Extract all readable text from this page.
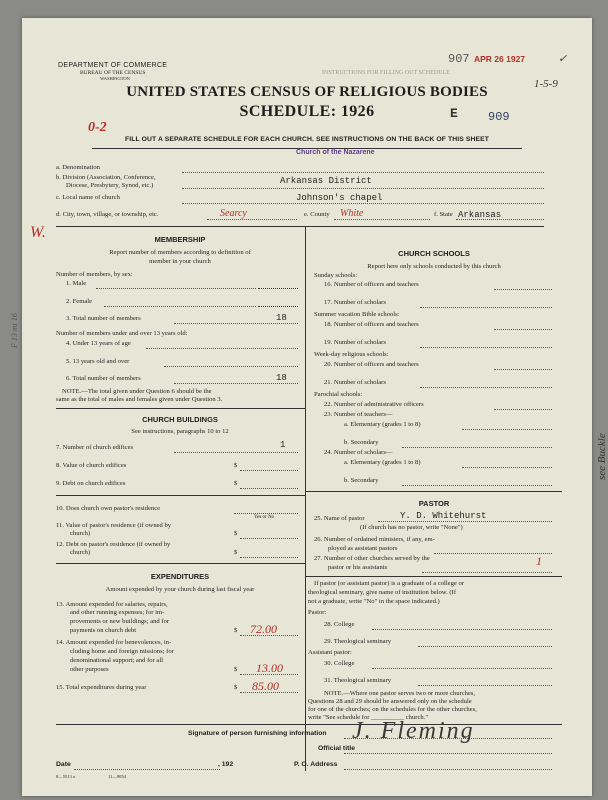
DEPARTMENT OF COMMERCE
BUREAU OF THE CENSUS
WASHINGTON
INSTRUCTIONS FOR FILLING OUT SCHEDULE
907 APR 26 1927	✓
1-5-9
UNITED STATES CENSUS OF RELIGIOUS BODIES
SCHEDULE: 1926
0-2
E	909
FILL OUT A SEPARATE SCHEDULE FOR EACH CHURCH. SEE INSTRUCTIONS ON THE BACK OF THIS SHEET
Church of the Nazarene
a. Denomination
b. Division (Association, Conference,
Diocese, Presbytery, Synod, etc.)	Arkansas District
c. Local name of church	Johnson's chapel
W.
d. City, town, village, or township, etc.	Searcy	e. County White	f. State Arkansas
F 13 mt 16
MEMBERSHIP
Report number of members according to definition of
member in your church
Number of members, by sex:
1. Male
2. Female
3. Total number of members	18
Number of members under and over 13 years old:
4. Under 13 years of age
5. 13 years old and over
6. Total number of members	18
NOTE.—The total given under Question 6 should be the
same as the total of males and females given under Question 3.
CHURCH BUILDINGS
See instructions, paragraphs 10 to 12
7. Number of church edifices	1
8. Value of church edifices	$
9. Debt on church edifices	$
10. Does church own pastor's residence
Yes or No
11. Value of pastor's residence (if owned by
church)	$
12. Debt on pastor's residence (if owned by
church)	$
EXPENDITURES
Amount expended by your church during last fiscal year
13. Amount expended for salaries, repairs,
and other running expenses; for im-
provements or new buildings; and for
payments on church debt	$ 72.00
14. Amount expended for benevolences, in-
cluding home and foreign missions; for
denominational support; and for all
other purposes	$ 13.00
15. Total expenditures during year	$ 85.00
CHURCH SCHOOLS
Report here only schools conducted by this church
Sunday schools:
16. Number of officers and teachers
17. Number of scholars
Summer vacation Bible schools:
18. Number of officers and teachers
19. Number of scholars
Week-day religious schools:
20. Number of officers and teachers
21. Number of scholars
Parochial schools:
22. Number of administrative officers
23. Number of teachers—
a. Elementary (grades 1 to 8)
b. Secondary
24. Number of scholars—
a. Elementary (grades 1 to 8)
b. Secondary
PASTOR
25. Name of pastor	Y. D. Whitehurst
(If church has no pastor, write "None")
26. Number of ordained ministers, if any, em-
ployed as assistant pastors
27. Number of other churches served by the
pastor or his assistants	1
see Buckle
If pastor (or assistant pastor) is a graduate of a college or
theological seminary, give name of institution below. (If
not a graduate, write "No" in the space indicated.)
Pastor:
28. College
29. Theological seminary
Assistant pastor:
30. College
31. Theological seminary
NOTE.—Where one pastor serves two or more churches,
Questions 28 and 29 should be answered only on the schedule
for one of the churches; on the schedules for the other churches,
write "See schedule for __________ church."
Signature of person furnishing information J. Fleming
Official title
Date	, 192	P. O. Address
8—5513 a	11—9054
